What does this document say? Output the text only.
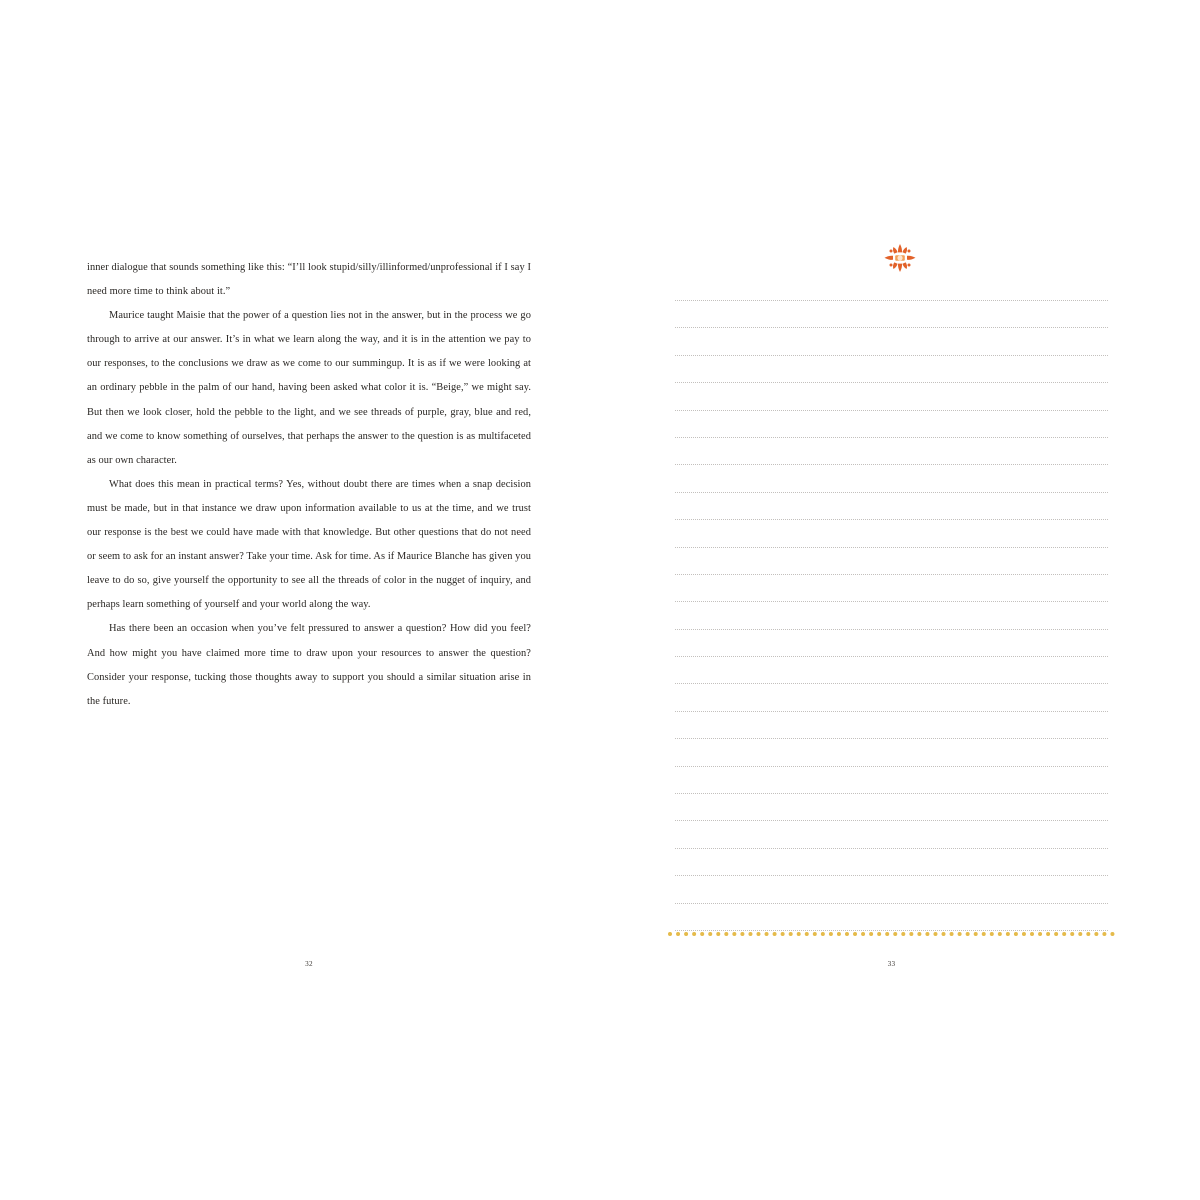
inner dialogue that sounds something like this: “I’ll look stupid/silly/illinformed/unprofessional if I say I need more time to think about it.”

Maurice taught Maisie that the power of a question lies not in the answer, but in the process we go through to arrive at our answer. It’s in what we learn along the way, and it is in the attention we pay to our responses, to the conclusions we draw as we come to our summingup. It is as if we were looking at an ordinary pebble in the palm of our hand, having been asked what color it is. “Beige,” we might say. But then we look closer, hold the pebble to the light, and we see threads of purple, gray, blue and red, and we come to know something of ourselves, that perhaps the answer to the question is as multifaceted as our own character.

What does this mean in practical terms? Yes, without doubt there are times when a snap decision must be made, but in that instance we draw upon information available to us at the time, and we trust our response is the best we could have made with that knowledge. But other questions that do not need or seem to ask for an instant answer? Take your time. Ask for time. As if Maurice Blanche has given you leave to do so, give yourself the opportunity to see all the threads of color in the nugget of inquiry, and perhaps learn something of yourself and your world along the way.

Has there been an occasion when you’ve felt pressured to answer a question? How did you feel? And how might you have claimed more time to draw upon your resources to answer the question? Consider your response, tucking those thoughts away to support you should a similar situation arise in the future.

32	33
